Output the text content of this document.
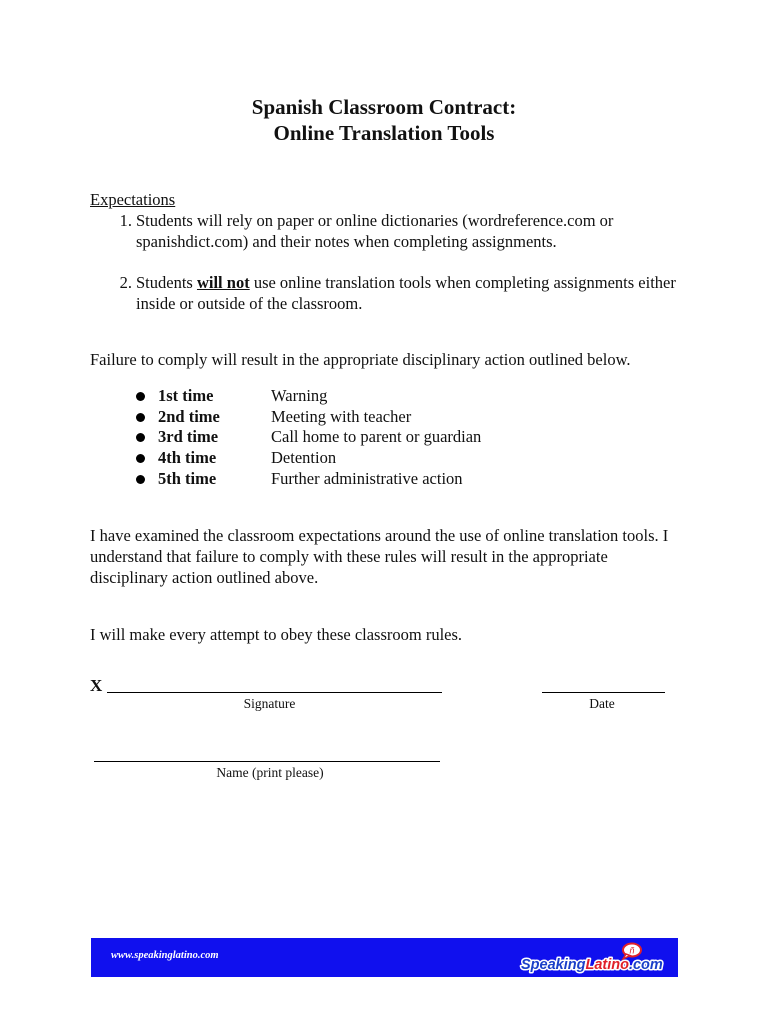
Spanish Classroom Contract:
Online Translation Tools
Expectations
1. Students will rely on paper or online dictionaries (wordreference.com or spanishdict.com) and their notes when completing assignments.
2. Students will not use online translation tools when completing assignments either inside or outside of the classroom.
Failure to comply will result in the appropriate disciplinary action outlined below.
1st time	Warning
2nd time	Meeting with teacher
3rd time	Call home to parent or guardian
4th time	Detention
5th time	Further administrative action
I have examined the classroom expectations around the use of online translation tools. I understand that failure to comply with these rules will result in the appropriate disciplinary action outlined above.
I will make every attempt to obey these classroom rules.
X
Signature	Date
Name (print please)
www.speakinglatino.com	ñ
SpeakingLatino.com
